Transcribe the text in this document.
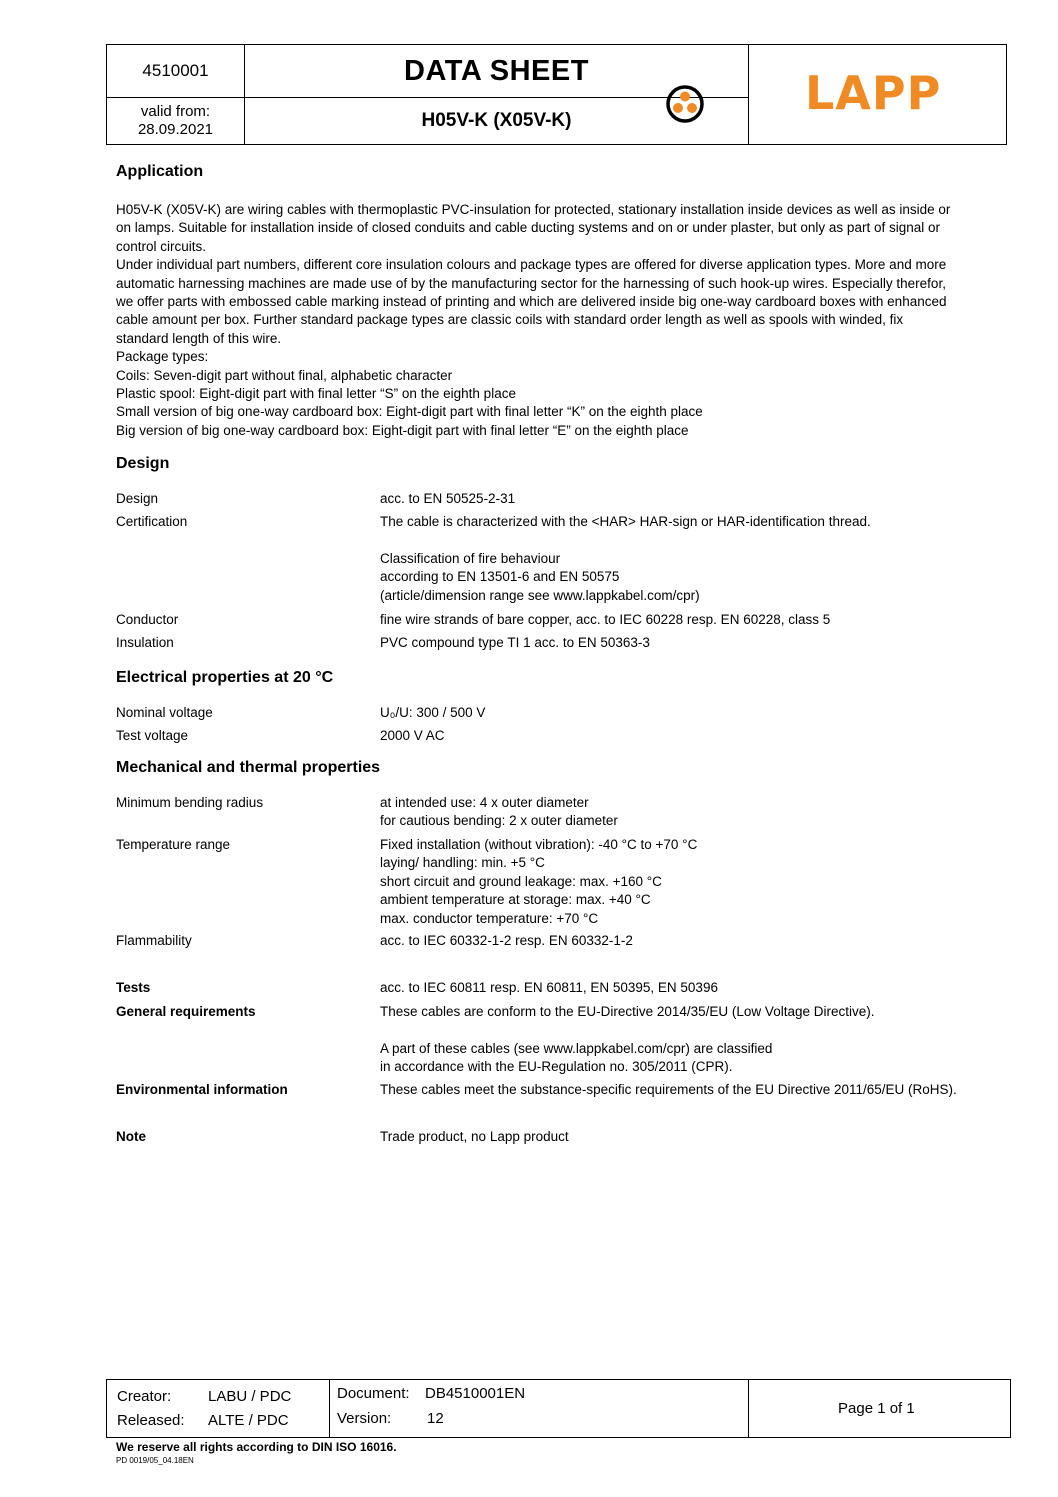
4510001
valid from:
28.09.2021
DATA SHEET
H05V-K (X05V-K)
LAPP
Application
H05V-K (X05V-K) are wiring cables with thermoplastic PVC-insulation for protected, stationary installation inside devices as well as inside or
on lamps. Suitable for installation inside of closed conduits and cable ducting systems and on or under plaster, but only as part of signal or
control circuits.
Under individual part numbers, different core insulation colours and package types are offered for diverse application types. More and more
automatic harnessing machines are made use of by the manufacturing sector for the harnessing of such hook-up wires. Especially therefor,
we offer parts with embossed cable marking instead of printing and which are delivered inside big one-way cardboard boxes with enhanced
cable amount per box. Further standard package types are classic coils with standard order length as well as spools with winded, fix
standard length of this wire.
Package types:
Coils: Seven-digit part without final, alphabetic character
Plastic spool: Eight-digit part with final letter “S” on the eighth place
Small version of big one-way cardboard box: Eight-digit part with final letter “K” on the eighth place
Big version of big one-way cardboard box: Eight-digit part with final letter “E” on the eighth place
Design
Design	acc. to EN 50525-2-31
Certification	The cable is characterized with the <HAR> HAR-sign or HAR-identification thread.
Classification of fire behaviour
according to EN 13501-6 and EN 50575
(article/dimension range see www.lappkabel.com/cpr)
Conductor	fine wire strands of bare copper, acc. to IEC 60228 resp. EN 60228, class 5
Insulation	PVC compound type TI 1 acc. to EN 50363-3
Electrical properties at 20 °C
Nominal voltage	U₀/U: 300 / 500 V
Test voltage	2000 V AC
Mechanical and thermal properties
Minimum bending radius	at intended use: 4 x outer diameter
for cautious bending: 2 x outer diameter
Temperature range	Fixed installation (without vibration): -40 °C to +70 °C
laying/ handling: min. +5 °C
short circuit and ground leakage: max. +160 °C
ambient temperature at storage: max. +40 °C
max. conductor temperature: +70 °C
Flammability	acc. to IEC 60332-1-2 resp. EN 60332-1-2
Tests	acc. to IEC 60811 resp. EN 60811, EN 50395, EN 50396
General requirements	These cables are conform to the EU-Directive 2014/35/EU (Low Voltage Directive).
A part of these cables (see www.lappkabel.com/cpr) are classified
in accordance with the EU-Regulation no. 305/2011 (CPR).
Environmental information	These cables meet the substance-specific requirements of the EU Directive 2011/65/EU (RoHS).
Note	Trade product, no Lapp product
Creator: LABU / PDC
Released: ALTE / PDC
Document: DB4510001EN
Version: 12
Page 1 of 1
We reserve all rights according to DIN ISO 16016.
PD 0019/05_04.18EN
